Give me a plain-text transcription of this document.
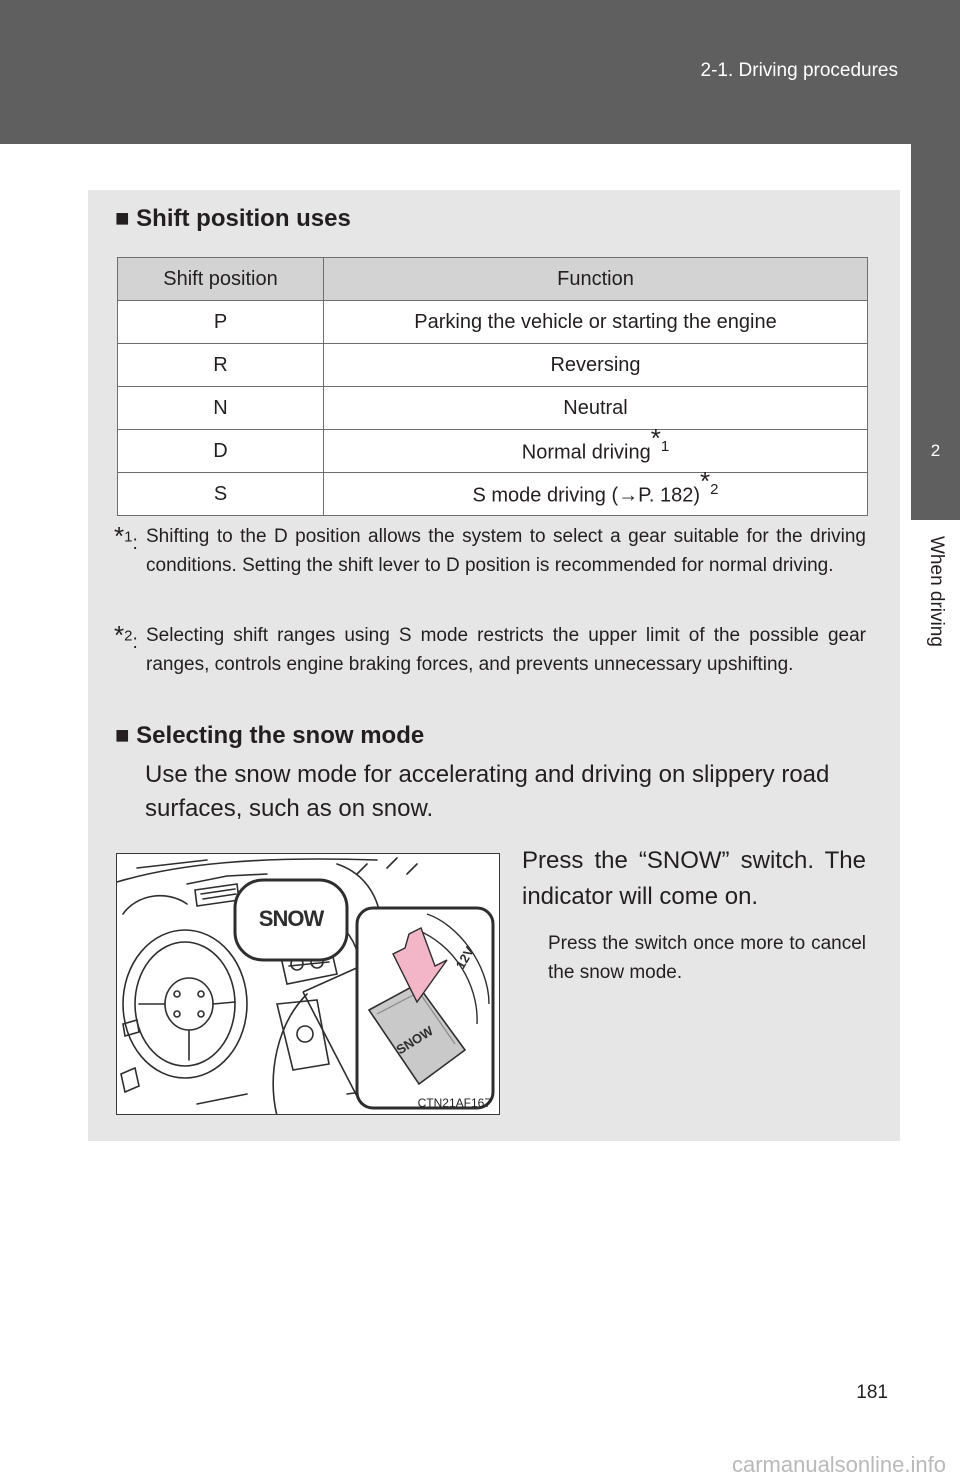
2-1. Driving procedures
2
When driving
■ Shift position uses
Shift position	Function
P	Parking the vehicle or starting the engine
R	Reversing
N	Neutral
D	Normal driving$^{*1}$
S	S mode driving (→P. 182)$^{*2}$
*$^1$: Shifting to the D position allows the system to select a gear suitable for the driving conditions. Setting the shift lever to D position is recommended for normal driving.
*$^2$: Selecting shift ranges using S mode restricts the upper limit of the possible gear ranges, controls engine braking forces, and prevents unnecessary upshifting.
■ Selecting the snow mode
Use the snow mode for accelerating and driving on slippery road surfaces, such as on snow.
SNOW
12V
SNOW
CTN21AF167
Press the “SNOW” switch. The indicator will come on.
Press the switch once more to cancel the snow mode.
181
carmanualsonline.info
